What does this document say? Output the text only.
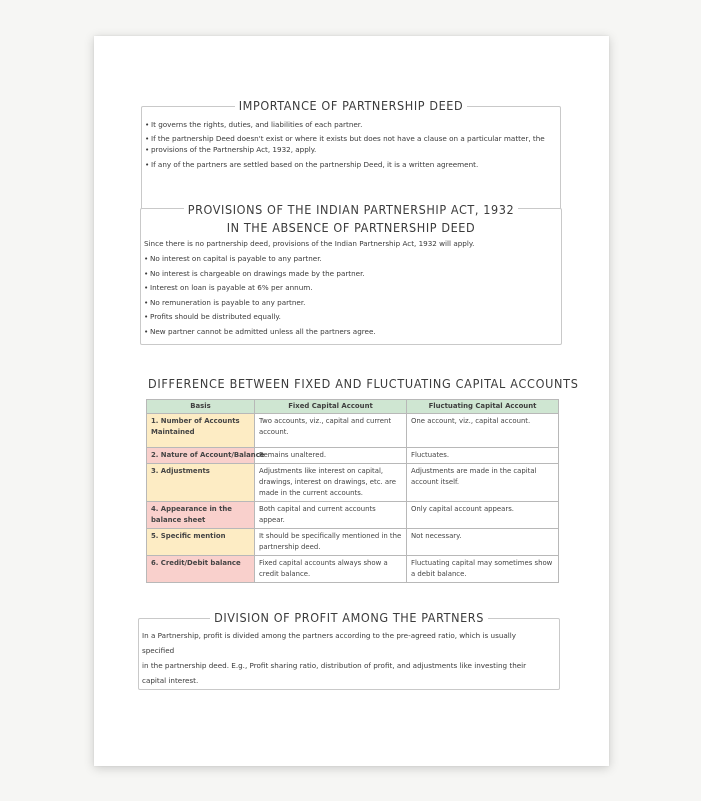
IMPORTANCE OF PARTNERSHIP DEED
• It governs the rights, duties, and liabilities of each partner.
• If the partnership Deed doesn't exist or where it exists but does not have a clause on a particular matter, the
• provisions of the Partnership Act, 1932, apply.
• If any of the partners are settled based on the partnership Deed, it is a written agreement.
PROVISIONS OF THE INDIAN PARTNERSHIP ACT, 1932
IN THE ABSENCE OF PARTNERSHIP DEED
Since there is no partnership deed, provisions of the Indian Partnership Act, 1932 will apply.
• No interest on capital is payable to any partner.
• No interest is chargeable on drawings made by the partner.
• Interest on loan is payable at 6% per annum.
• No remuneration is payable to any partner.
• Profits should be distributed equally.
• New partner cannot be admitted unless all the partners agree.
DIFFERENCE BETWEEN FIXED AND FLUCTUATING CAPITAL ACCOUNTS
Basis	Fixed Capital Account	Fluctuating Capital Account
1. Number of Accounts Maintained	Two accounts, viz., capital and current account.	One account, viz., capital account.
2. Nature of Account/Balance	Remains unaltered.	Fluctuates.
3. Adjustments	Adjustments like interest on capital, drawings, interest on drawings, etc. are made in the current accounts.	Adjustments are made in the capital account itself.
4. Appearance in the balance sheet	Both capital and current accounts appear.	Only capital account appears.
5. Specific mention	It should be specifically mentioned in the partnership deed.	Not necessary.
6. Credit/Debit balance	Fixed capital accounts always show a credit balance.	Fluctuating capital may sometimes show a debit balance.
DIVISION OF PROFIT AMONG THE PARTNERS
In a Partnership, profit is divided among the partners according to the pre-agreed ratio, which is usually
specified
in the partnership deed. E.g., Profit sharing ratio, distribution of profit, and adjustments like investing their
capital interest.
